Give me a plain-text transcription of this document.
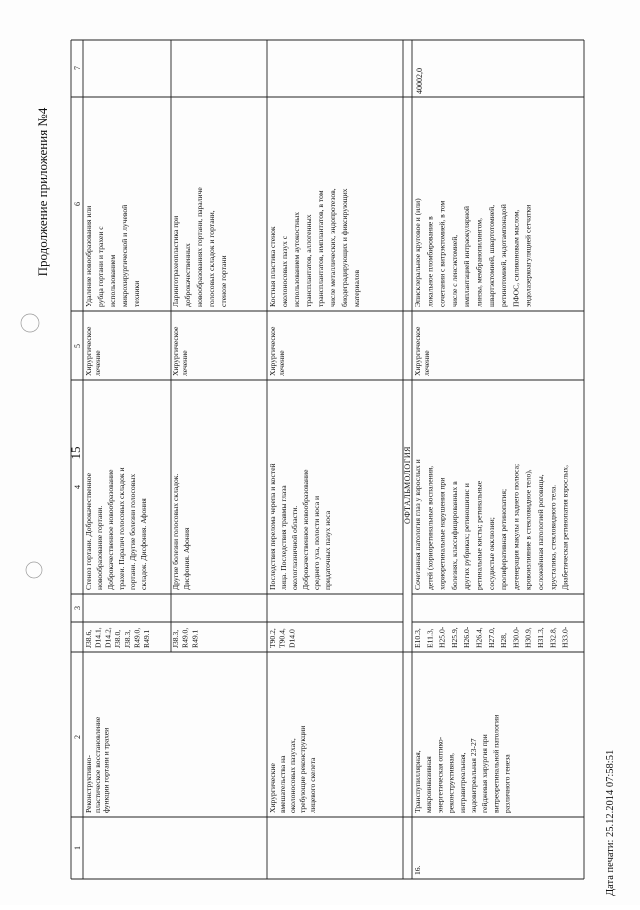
Продолжение приложения №4
15
Дата печати: 25.12.2014 07:58:51
7
6
5
4
3
2
1
Реконструктивно- пластическое восстановление функции гортани и трахеи
J38.6, D14.1, D14.2, J38.0, J38.3, R49.0, R49.1
Стеноз гортани. Доброкачественное новообразование гортани. Доброкачественное новообразование трахеи. Паралич голосовых складок и гортани. Другие болезни голосовых складок. Дисфония. Афония
Хирургическое лечение
Удаление новообразования или рубца гортани и трахеи с использованием микрохирургической и лучевой техники
J38.3, R49.0, R49.1
Другие болезни голосовых складок. Дисфония. Афония
Хирургическое лечение
Ларинготрахеопластика при доброкачественных новообразованиях гортани, параличе голосовых складок и гортани, стенозе гортани
Хирургические вмешательства на околоносовых пазухах, требующие реконструкции лицевого скелета
T90.2, T90.4, D14.0
Последствия перелома черепа и костей лица. Последствия травмы глаза окологлазничной области. Доброкачественное новообразование среднего уха, полости носа и придаточных пазух носа
Хирургическое лечение
Костная пластика стенок околоносовых пазух с использованием аутокостных трансплантатов, аллогенных трансплантатов, имплантатов, в том числе металлических, эндопротезов, биодеградирующих и фиксирующих материалов
ОФТАЛЬМОЛОГИЯ
16.
Транспупиллярная, микроинвазивная энергетическая оптико- реконструктивная, интравитреальная, эндовитреальная 23-27 гейджевая хирургия при витреоретинальной патологии различного генеза
E10.3, E11.3, H25.0- H25.9, H26.0- H26.4, H27.0, H28, H30.0- H30.9, H31.3, H32.8, H33.0-
Сочетанная патология глаз у взрослых и детей (хориоретинальные воспаления, хориоретинальные нарушения при болезнях, классифицированных в других рубриках; ретиношизис и ретинальные кисты; ретинальные сосудистые окклюзии; пролиферативная ретинопатия; дегенерация макулы и заднего полюса; кровоизлияние в стекловидное тело), осложнённая патологией роговицы, хрусталика, стекловидного тела. Диабетическая ретинопатия взрослых,
Хирургическое лечение
Эписклеральное круговое и (или) локальное пломбирование в сочетании с витрэктомией, в том числе с ленсэктомией, имплантацией интраокулярной линзы, мембранопилингом, швартэктомией, швартотомией, ретинотомией, эндотампонадой ПФОС, силиконовым маслом, эндолазеркоагуляцией сетчатки
40002,0
